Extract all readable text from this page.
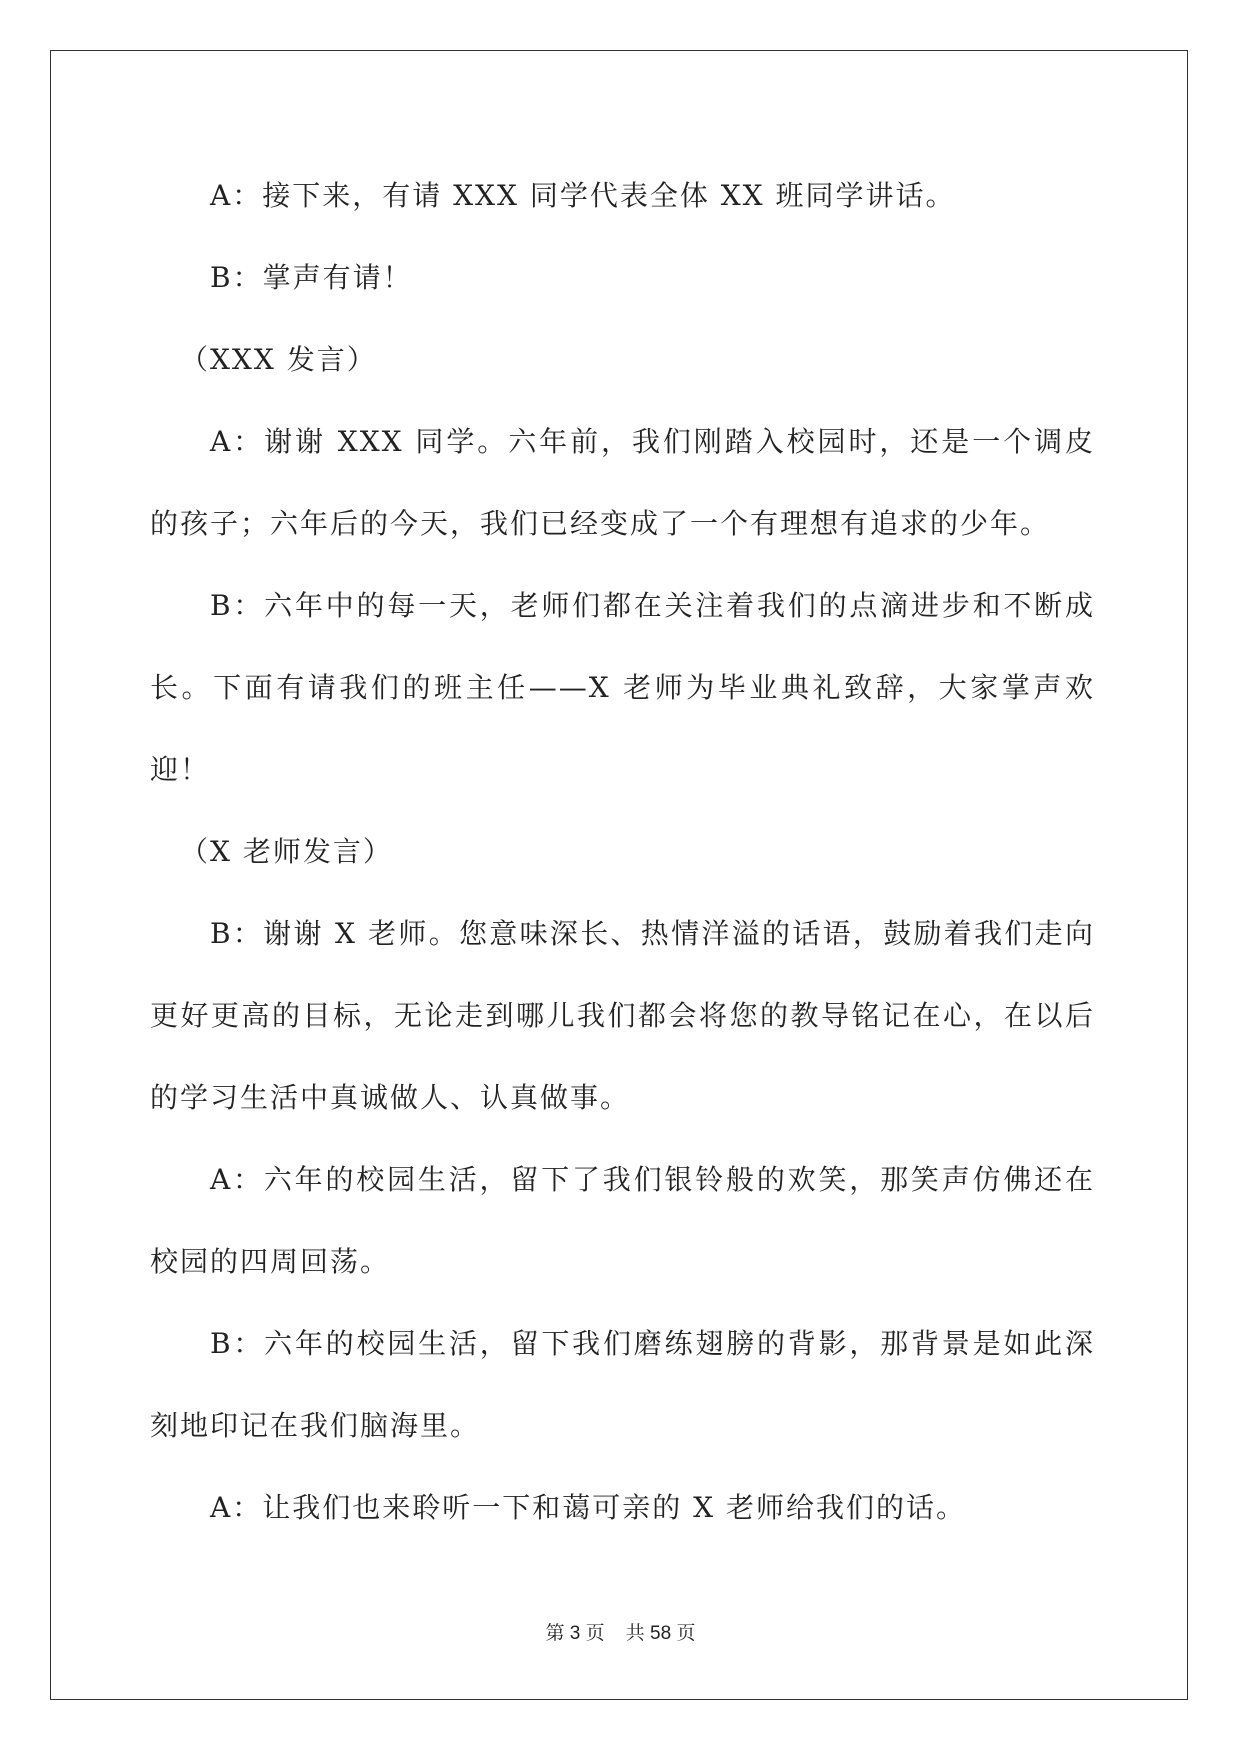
A：接下来，有请 XXX 同学代表全体 XX 班同学讲话。

B：掌声有请！

（XXX 发言）

A：谢谢 XXX 同学。六年前，我们刚踏入校园时，还是一个调皮的孩子；六年后的今天，我们已经变成了一个有理想有追求的少年。

B：六年中的每一天，老师们都在关注着我们的点滴进步和不断成长。下面有请我们的班主任——X 老师为毕业典礼致辞，大家掌声欢迎！

（X 老师发言）

B：谢谢 X 老师。您意味深长、热情洋溢的话语，鼓励着我们走向更好更高的目标，无论走到哪儿我们都会将您的教导铭记在心，在以后的学习生活中真诚做人、认真做事。

A：六年的校园生活，留下了我们银铃般的欢笑，那笑声仿佛还在校园的四周回荡。

B：六年的校园生活，留下我们磨练翅膀的背影，那背景是如此深刻地印记在我们脑海里。

A：让我们也来聆听一下和蔼可亲的 X 老师给我们的话。

第 3 页 共 58 页
